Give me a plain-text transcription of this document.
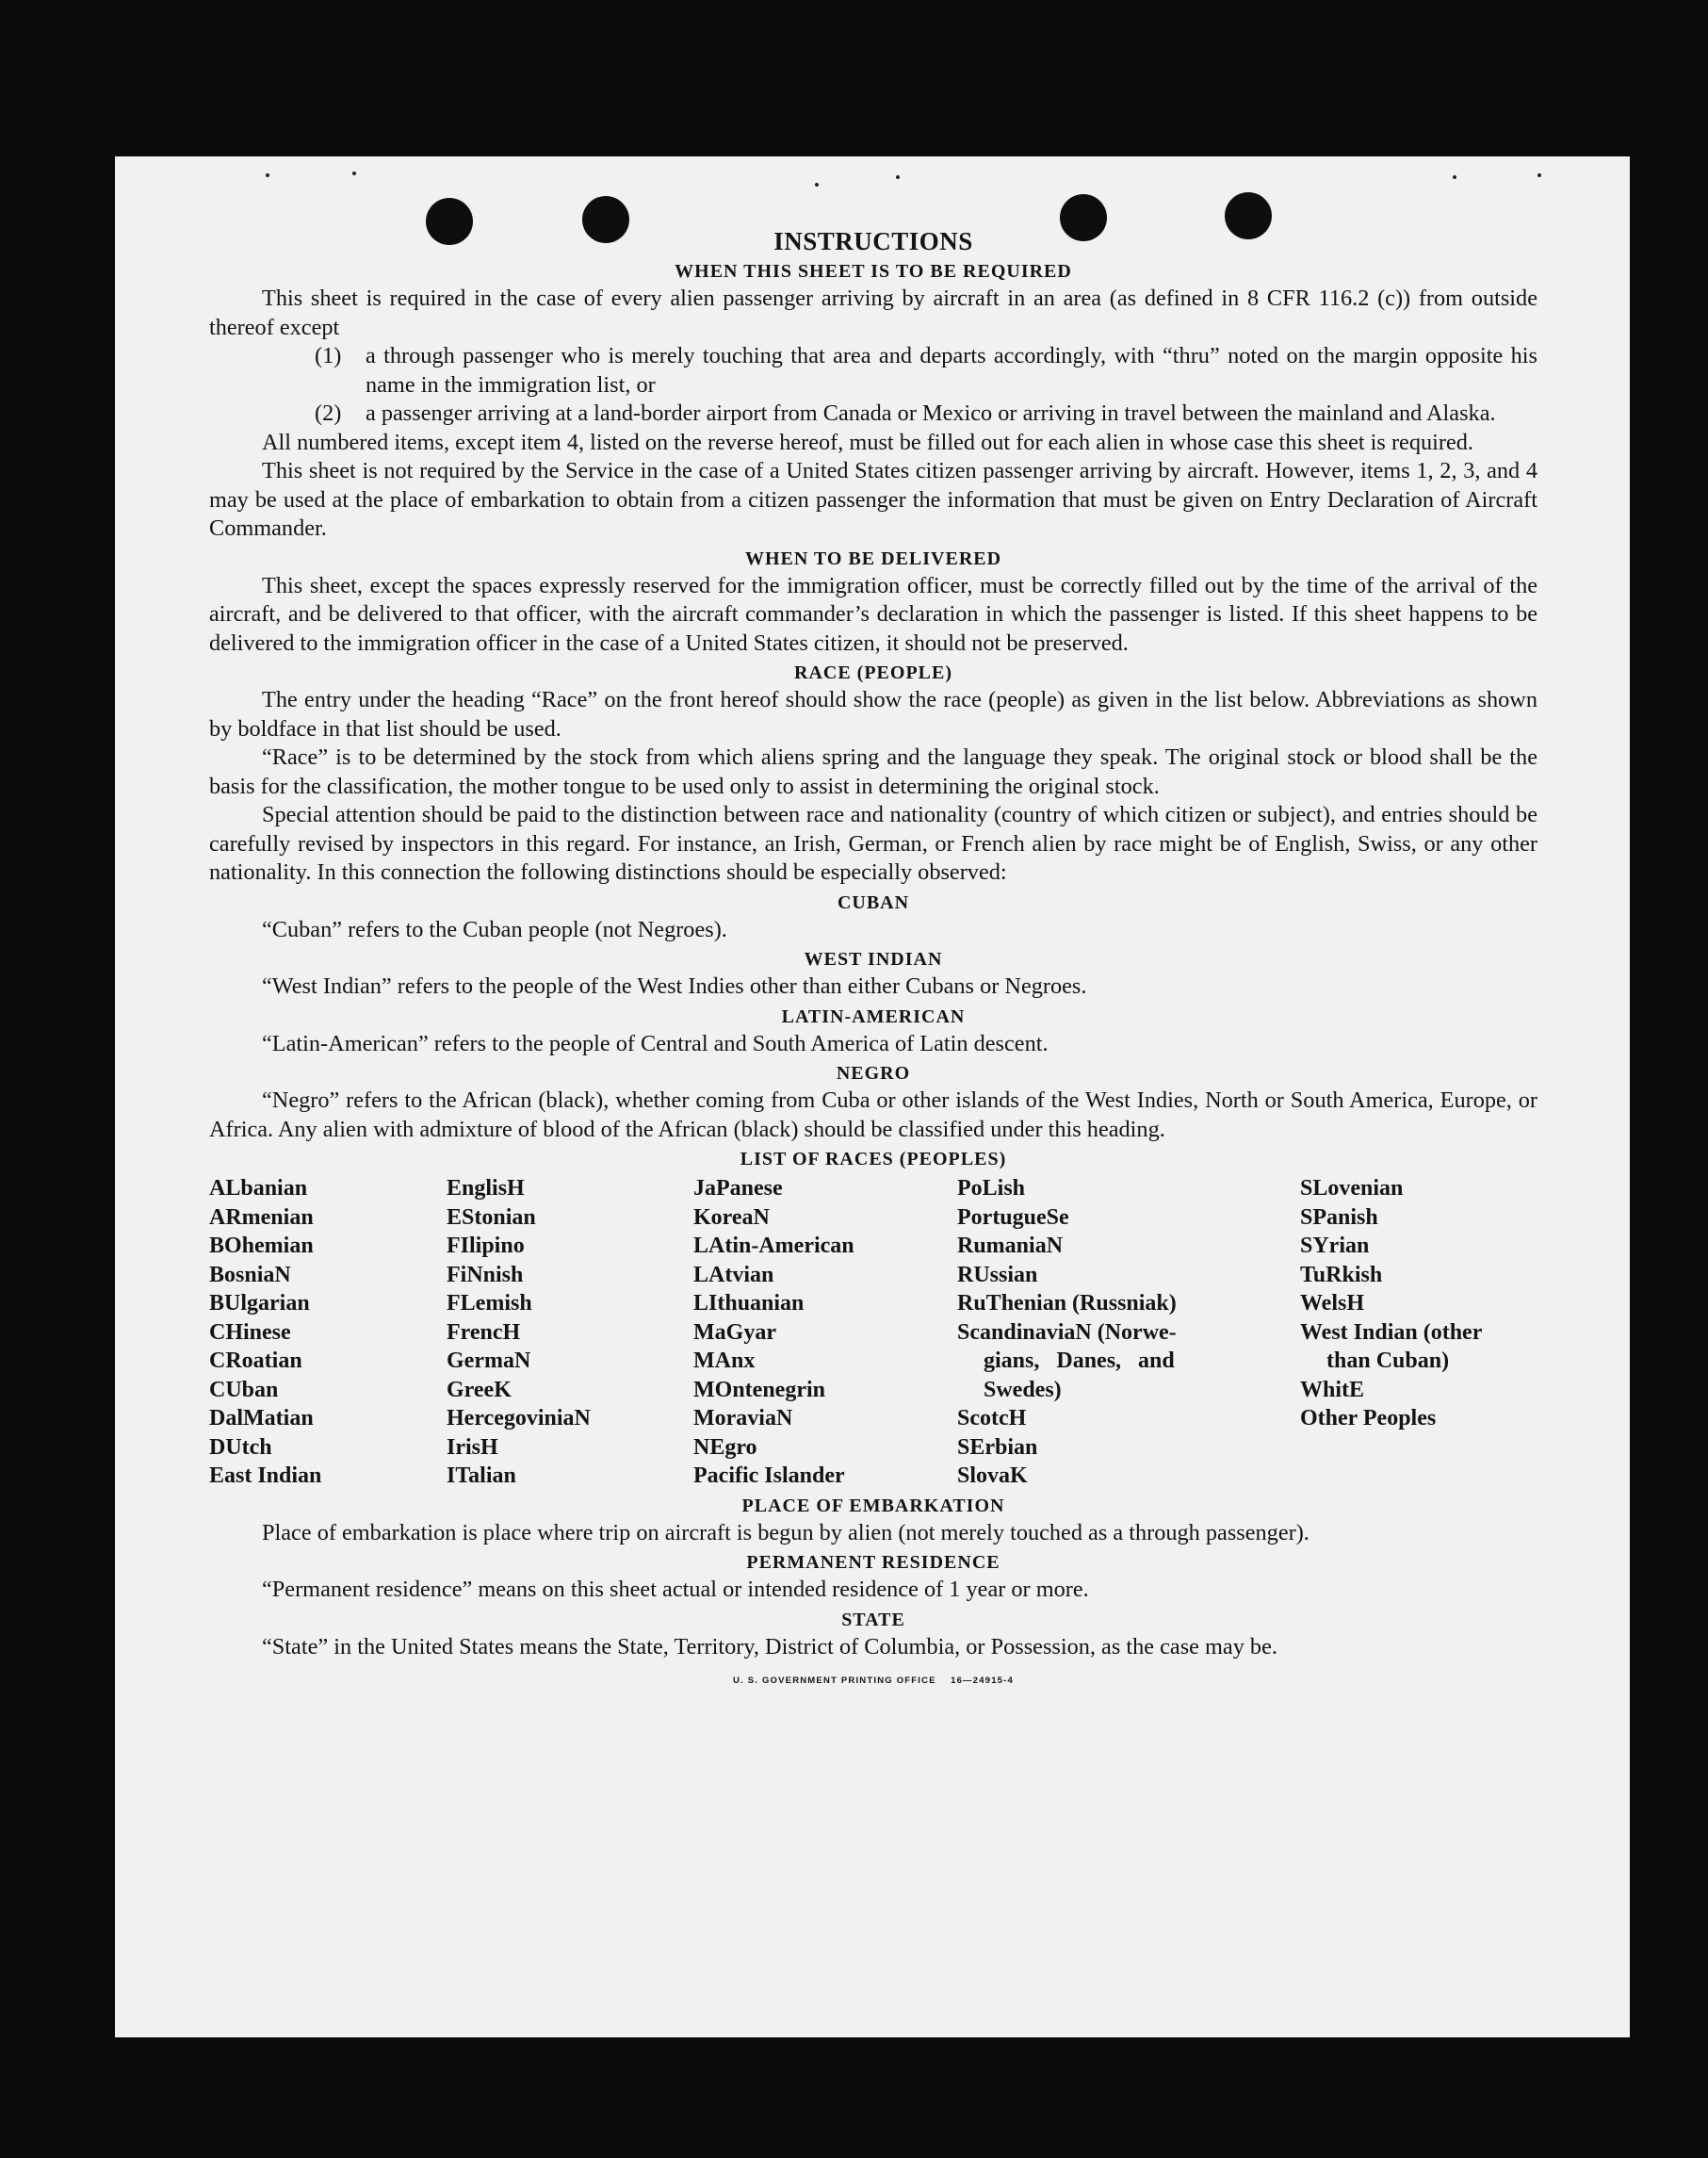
INSTRUCTIONS
WHEN THIS SHEET IS TO BE REQUIRED

This sheet is required in the case of every alien passenger arriving by aircraft in an area (as defined in 8 CFR 116.2 (c)) from outside thereof except

(1)	a through passenger who is merely touching that area and departs accordingly, with “thru” noted on the margin opposite his name in the immigration list, or
(2)	a passenger arriving at a land-border airport from Canada or Mexico or arriving in travel between the mainland and Alaska.

All numbered items, except item 4, listed on the reverse hereof, must be filled out for each alien in whose case this sheet is required.

This sheet is not required by the Service in the case of a United States citizen passenger arriving by aircraft. However, items 1, 2, 3, and 4 may be used at the place of embarkation to obtain from a citizen passenger the information that must be given on Entry Declaration of Aircraft Commander.

WHEN TO BE DELIVERED

This sheet, except the spaces expressly reserved for the immigration officer, must be correctly filled out by the time of the arrival of the aircraft, and be delivered to that officer, with the aircraft commander’s declaration in which the passenger is listed. If this sheet happens to be delivered to the immigration officer in the case of a United States citizen, it should not be preserved.

RACE (PEOPLE)

The entry under the heading “Race” on the front hereof should show the race (people) as given in the list below. Abbreviations as shown by boldface in that list should be used.

“Race” is to be determined by the stock from which aliens spring and the language they speak. The original stock or blood shall be the basis for the classification, the mother tongue to be used only to assist in determining the original stock.

Special attention should be paid to the distinction between race and nationality (country of which citizen or subject), and entries should be carefully revised by inspectors in this regard. For instance, an Irish, German, or French alien by race might be of English, Swiss, or any other nationality. In this connection the following distinctions should be especially observed:

CUBAN

“Cuban” refers to the Cuban people (not Negroes).

WEST INDIAN

“West Indian” refers to the people of the West Indies other than either Cubans or Negroes.

LATIN-AMERICAN

“Latin-American” refers to the people of Central and South America of Latin descent.

NEGRO

“Negro” refers to the African (black), whether coming from Cuba or other islands of the West Indies, North or South America, Europe, or Africa. Any alien with admixture of blood of the African (black) should be classified under this heading.

LIST OF RACES (PEOPLES)
ALbanian
ARmenian
BOhemian
BosniaN
BUlgarian
CHinese
CRoatian
CUban
DalMatian
DUtch
East Indian
EnglisH
EStonian
FIlipino
FiNnish
FLemish
FrencH
GermaN
GreeK
HercegoviniaN
IrisH
ITalian
JaPanese
KoreaN
LAtin-American
LAtvian
LIthuanian
MaGyar
MAnx
MOntenegrin
MoraviaN
NEgro
Pacific Islander
PoLish
PortugueSe
RumaniaN
RUssian
RuThenian (Russniak)
ScandinaviaN (Norwe-
gians, Danes, and
Swedes)
ScotcH
SErbian
SlovaK
SLovenian
SPanish
SYrian
TuRkish
WelsH
West Indian (other
than Cuban)
WhitE
Other Peoples
PLACE OF EMBARKATION

Place of embarkation is place where trip on aircraft is begun by alien (not merely touched as a through passenger).

PERMANENT RESIDENCE

“Permanent residence” means on this sheet actual or intended residence of 1 year or more.

STATE

“State” in the United States means the State, Territory, District of Columbia, or Possession, as the case may be.

U. S. GOVERNMENT PRINTING OFFICE    16—24915-4
